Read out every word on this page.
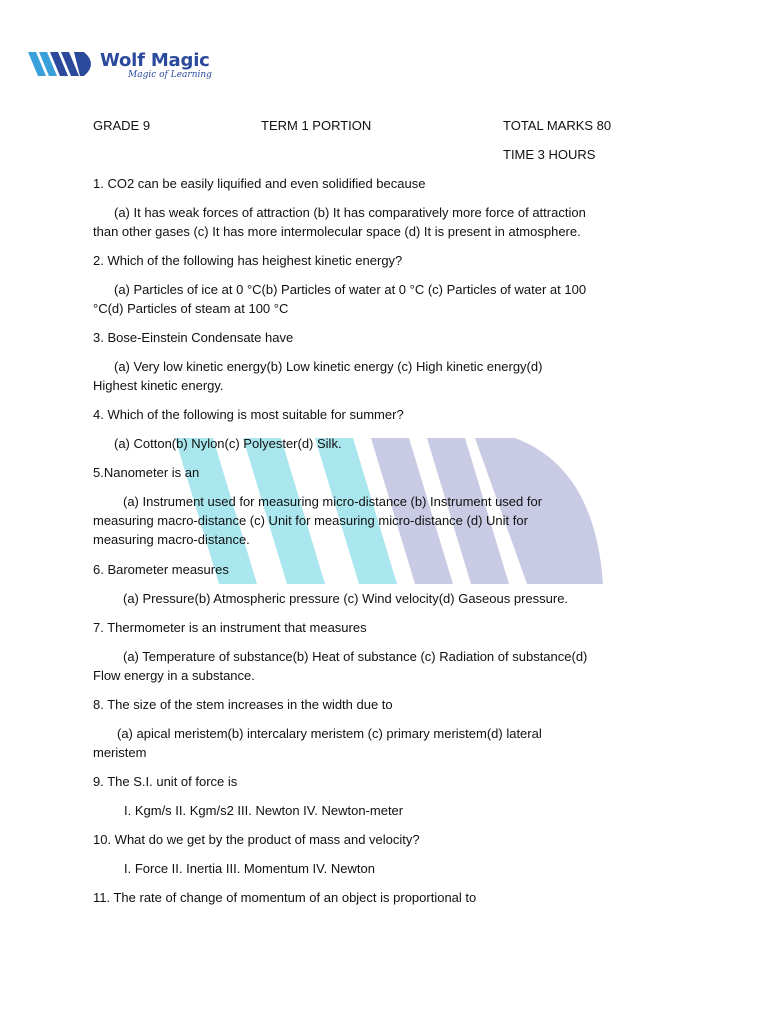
Wolf Magic
Magic of Learning
GRADE 9	TERM 1 PORTION	TOTAL MARKS 80
TIME 3 HOURS
1. CO2 can be easily liquified and even solidified because
(a) It has weak forces of attraction (b) It has comparatively more force of attraction
than other gases (c) It has more intermolecular space (d) It is present in atmosphere.
2. Which of the following has heighest kinetic energy?
(a) Particles of ice at 0 °C(b) Particles of water at 0 °C (c) Particles of water at 100
°C(d) Particles of steam at 100 °C
3. Bose-Einstein Condensate have
(a) Very low kinetic energy(b) Low kinetic energy (c) High kinetic energy(d)
Highest kinetic energy.
4. Which of the following is most suitable for summer?
(a) Cotton(b) Nylon(c) Polyester(d) Silk.
5.Nanometer is an
(a) Instrument used for measuring micro-distance (b) Instrument used for
measuring macro-distance (c) Unit for measuring micro-distance (d) Unit for
measuring macro-distance.
6. Barometer measures
(a) Pressure(b) Atmospheric pressure (c) Wind velocity(d) Gaseous pressure.
7. Thermometer is an instrument that measures
(a) Temperature of substance(b) Heat of substance (c) Radiation of substance(d)
Flow energy in a substance.
8. The size of the stem increases in the width due to
(a) apical meristem(b) intercalary meristem (c) primary meristem(d) lateral
meristem
9. The S.I. unit of force is
I. Kgm/s II. Kgm/s2 III. Newton IV. Newton-meter
10. What do we get by the product of mass and velocity?
I. Force II. Inertia III. Momentum IV. Newton
11. The rate of change of momentum of an object is proportional to
